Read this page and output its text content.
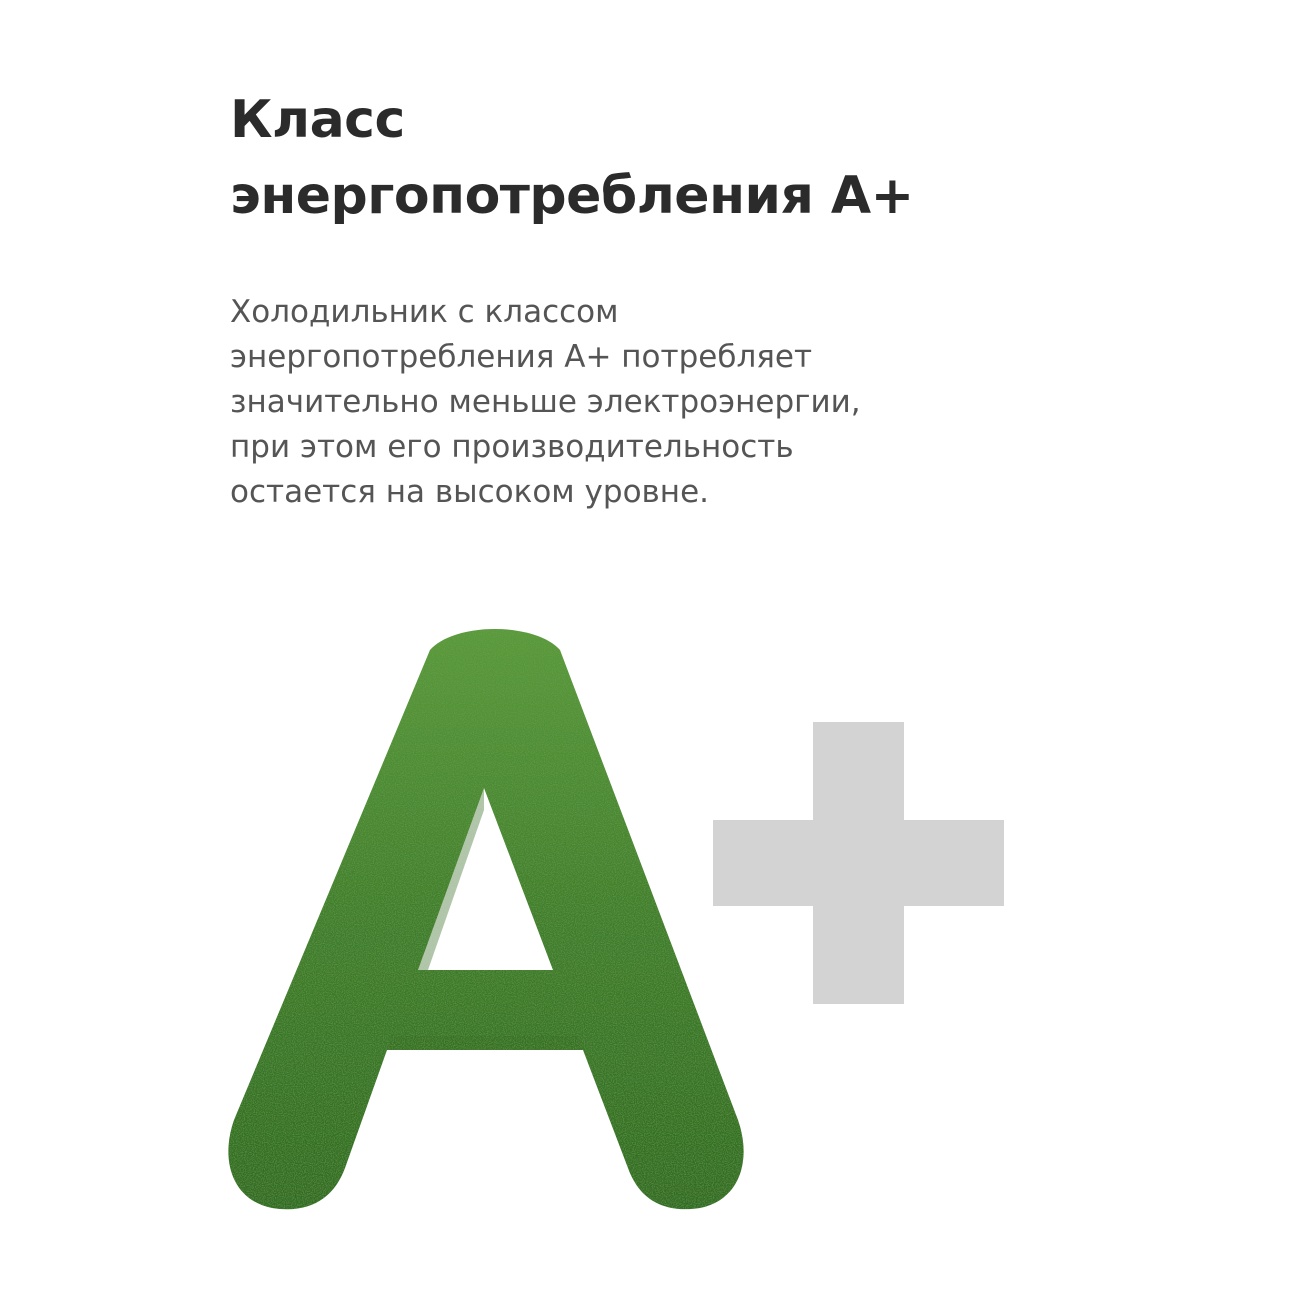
Класс
энергопотребления A+

Холодильник с классом
энергопотребления A+ потребляет
значительно меньше электроэнергии,
при этом его производительность
остается на высоком уровне.
